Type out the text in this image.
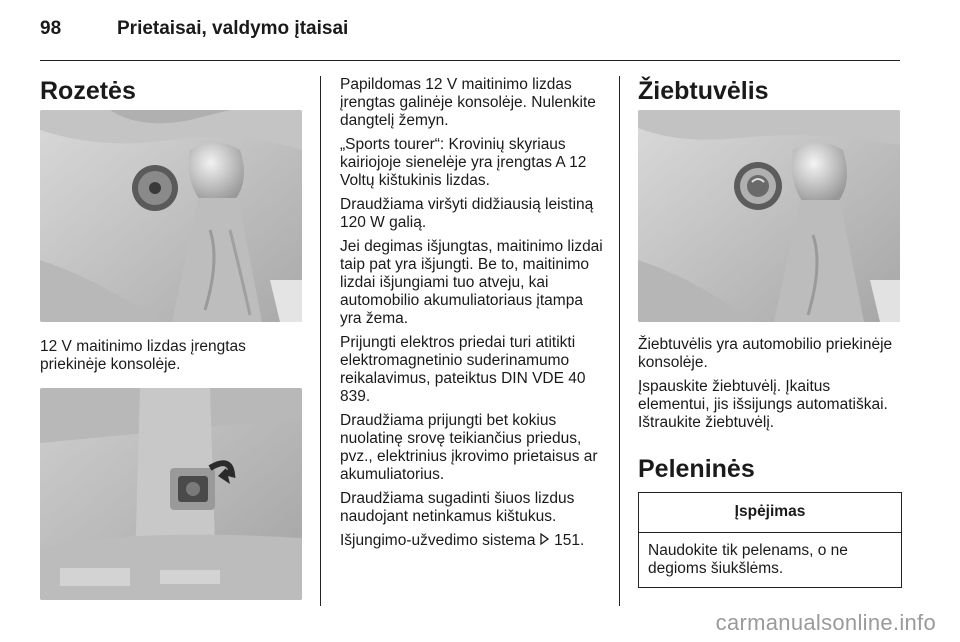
98	Prietaisai, valdymo įtaisai
Rozetės

12 V maitinimo lizdas įrengtas priekinėje konsolėje.

Papildomas 12 V maitinimo lizdas įrengtas galinėje konsolėje. Nulenkite dangtelį žemyn.

„Sports tourer“: Krovinių skyriaus kairiojoje sienelėje yra įrengtas A 12 Voltų kištukinis lizdas.

Draudžiama viršyti didžiausią leistiną 120 W galią.

Jei degimas išjungtas, maitinimo lizdai taip pat yra išjungti. Be to, maitinimo lizdai išjungiami tuo atveju, kai automobilio akumuliatoriaus įtampa yra žema.

Prijungti elektros priedai turi atitikti elektromagnetinio suderinamumo reikalavimus, pateiktus DIN VDE 40 839.

Draudžiama prijungti bet kokius nuolatinę srovę teikiančius priedus, pvz., elektrinius įkrovimo prietaisus ar akumuliatorius.

Draudžiama sugadinti šiuos lizdus naudojant netinkamus kištukus.

Išjungimo-užvedimo sistema 151.

Žiebtuvėlis

Žiebtuvėlis yra automobilio priekinėje konsolėje.

Įspauskite žiebtuvėlį. Įkaitus elementui, jis išsijungs automatiškai. Ištraukite žiebtuvėlį.

Peleninės
Įspėjimas
Naudokite tik pelenams, o ne degioms šiukšlėms.
carmanualsonline.info
